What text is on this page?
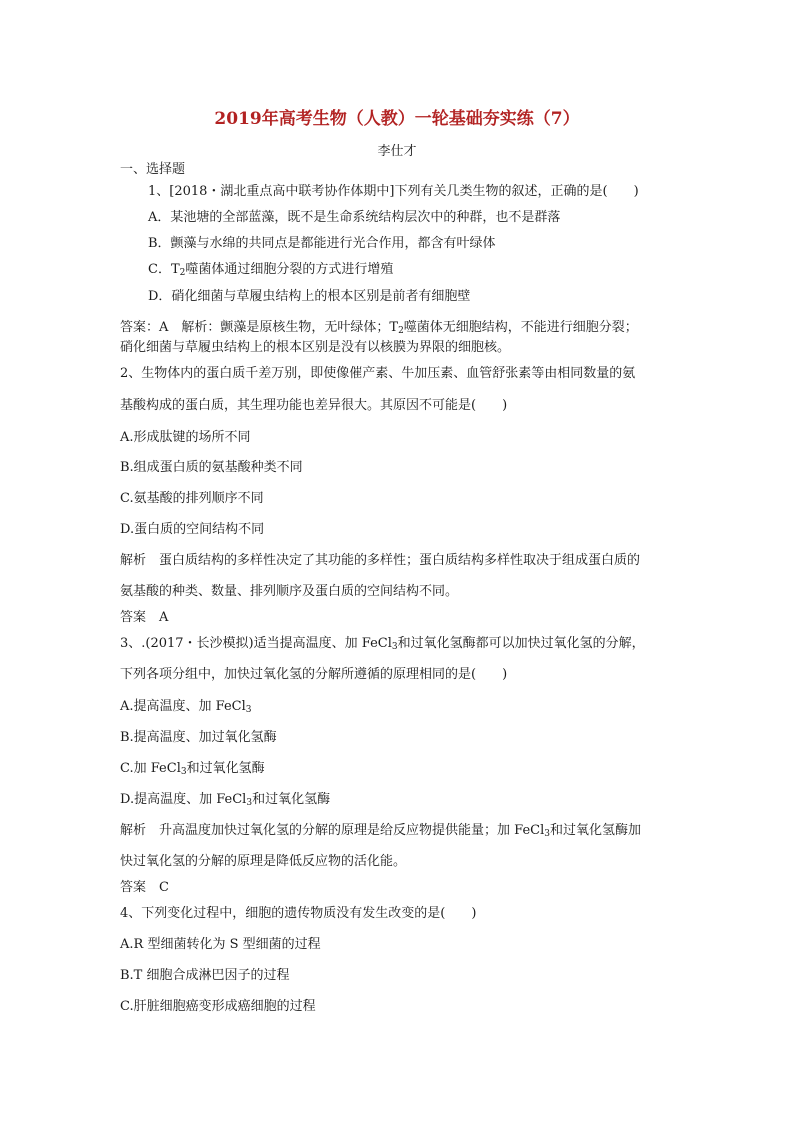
2019年高考生物（人教）一轮基础夯实练（7）
李仕才
一、选择题
1、[2018・湖北重点高中联考协作体期中]下列有关几类生物的叙述，正确的是(　　)
A．某池塘的全部蓝藻，既不是生命系统结构层次中的种群，也不是群落
B．颤藻与水绵的共同点是都能进行光合作用，都含有叶绿体
C．$T_2$噬菌体通过细胞分裂的方式进行增殖
D．硝化细菌与草履虫结构上的根本区别是前者有细胞壁
答案：A　解析：颤藻是原核生物，无叶绿体；$T_2$噬菌体无细胞结构，不能进行细胞分裂；
硝化细菌与草履虫结构上的根本区别是没有以核膜为界限的细胞核。
2、生物体内的蛋白质千差万别，即使像催产素、牛加压素、血管舒张素等由相同数量的氨
基酸构成的蛋白质，其生理功能也差异很大。其原因不可能是(　　)
A.形成肽键的场所不同
B.组成蛋白质的氨基酸种类不同
C.氨基酸的排列顺序不同
D.蛋白质的空间结构不同
解析　蛋白质结构的多样性决定了其功能的多样性；蛋白质结构多样性取决于组成蛋白质的
氨基酸的种类、数量、排列顺序及蛋白质的空间结构不同。
答案　A
3、.(2017・长沙模拟)适当提高温度、加 FeCl$_3$和过氧化氢酶都可以加快过氧化氢的分解，
下列各项分组中，加快过氧化氢的分解所遵循的原理相同的是(　　)
A.提高温度、加 FeCl$_3$
B.提高温度、加过氧化氢酶
C.加 FeCl$_3$和过氧化氢酶
D.提高温度、加 FeCl$_3$和过氧化氢酶
解析　升高温度加快过氧化氢的分解的原理是给反应物提供能量；加 FeCl$_3$和过氧化氢酶加
快过氧化氢的分解的原理是降低反应物的活化能。
答案　C
4、下列变化过程中，细胞的遗传物质没有发生改变的是(　　)
A.R 型细菌转化为 S 型细菌的过程
B.T 细胞合成淋巴因子的过程
C.肝脏细胞癌变形成癌细胞的过程
